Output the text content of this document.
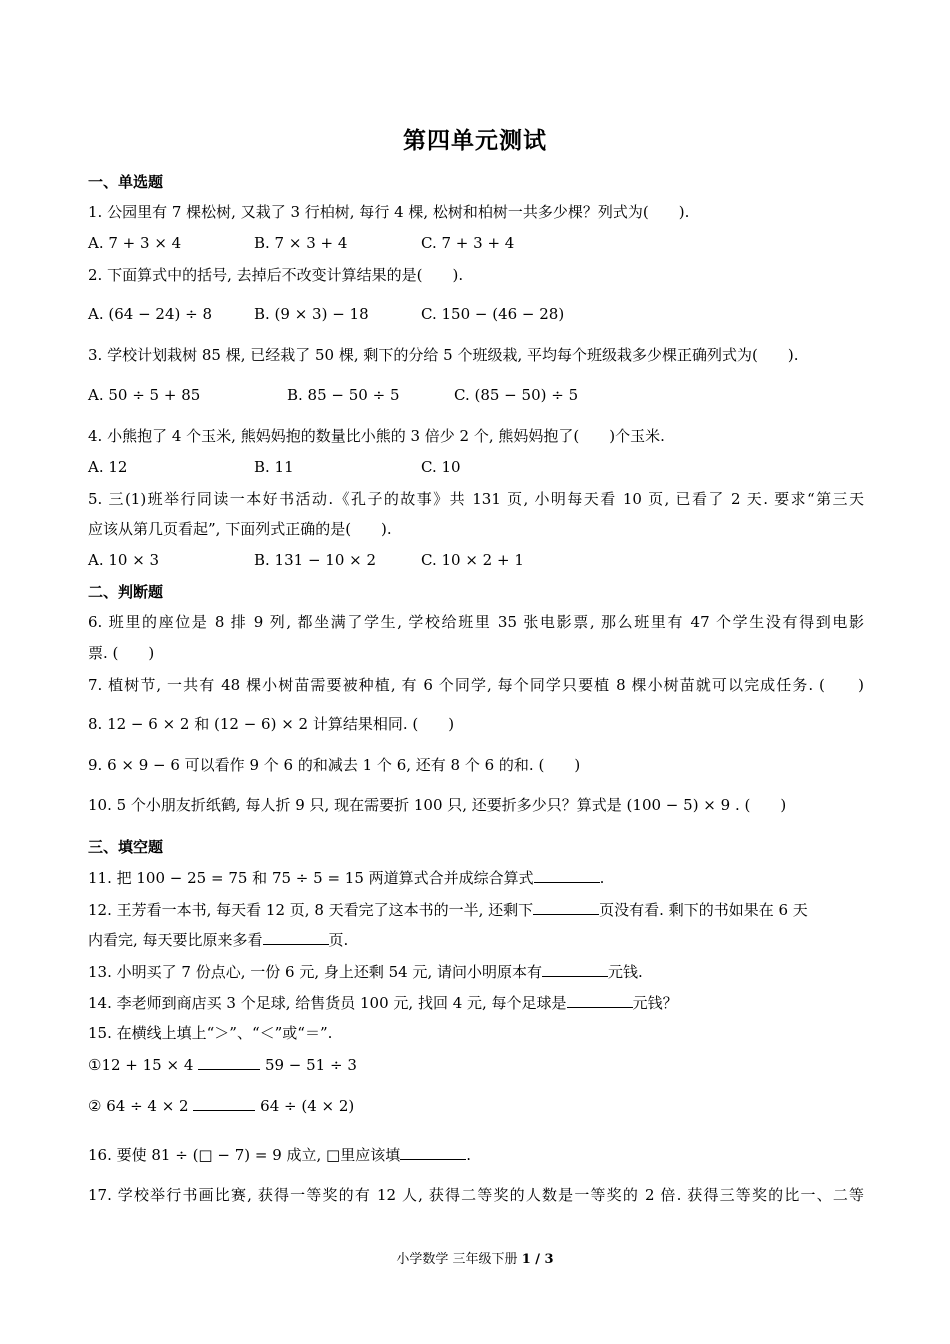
第四单元测试
一、单选题
1. 公园里有 7 棵松树, 又栽了 3 行柏树, 每行 4 棵, 松树和柏树一共多少棵？列式为(　　).
A. 7 + 3 × 4	B. 7 × 3 + 4	C. 7 + 3 + 4
2. 下面算式中的括号, 去掉后不改变计算结果的是(　　).
A. (64 − 24) ÷ 8	B. (9 × 3) − 18	C. 150 − (46 − 28)
3. 学校计划栽树 85 棵, 已经栽了 50 棵, 剩下的分给 5 个班级栽, 平均每个班级栽多少棵正确列式为(　　).
A. 50 ÷ 5 + 85	B. 85 − 50 ÷ 5	C. (85 − 50) ÷ 5
4. 小熊抱了 4 个玉米, 熊妈妈抱的数量比小熊的 3 倍少 2 个, 熊妈妈抱了(　　)个玉米.
A. 12	B. 11	C. 10
5. 三(1)班举行同读一本好书活动.《孔子的故事》共 131 页, 小明每天看 10 页, 已看了 2 天. 要求“第三天
应该从第几页看起”, 下面列式正确的是(　　).
A. 10 × 3	B. 131 − 10 × 2	C. 10 × 2 + 1
二、判断题
6. 班里的座位是 8 排 9 列, 都坐满了学生, 学校给班里 35 张电影票, 那么班里有 47 个学生没有得到电影
票. (　　)
7. 植树节, 一共有 48 棵小树苗需要被种植, 有 6 个同学, 每个同学只要植 8 棵小树苗就可以完成任务. (　　)
8. 12 − 6 × 2 和 (12 − 6) × 2 计算结果相同. (　　)
9. 6 × 9 − 6 可以看作 9 个 6 的和减去 1 个 6, 还有 8 个 6 的和. (　　)
10. 5 个小朋友折纸鹤, 每人折 9 只, 现在需要折 100 只, 还要折多少只？算式是 (100 − 5) × 9 . (　　)
三、填空题
11. 把 100 − 25 = 75 和 75 ÷ 5 = 15 两道算式合并成综合算式	.
12. 王芳看一本书, 每天看 12 页, 8 天看完了这本书的一半, 还剩下	页没有看. 剩下的书如果在 6 天
内看完, 每天要比原来多看	页.
13. 小明买了 7 份点心, 一份 6 元, 身上还剩 54 元, 请问小明原本有	元钱.
14. 李老师到商店买 3 个足球, 给售货员 100 元, 找回 4 元, 每个足球是	元钱？
15. 在横线上填上“＞”、“＜”或“＝”.
①12 + 15 × 4	59 − 51 ÷ 3
② 64 ÷ 4 × 2	64 ÷ (4 × 2)
16. 要使 81 ÷ (□ − 7) = 9 成立, □里应该填	.
17. 学校举行书画比赛, 获得一等奖的有 12 人, 获得二等奖的人数是一等奖的 2 倍. 获得三等奖的比一、二等
小学数学 三年级下册 1 / 3
